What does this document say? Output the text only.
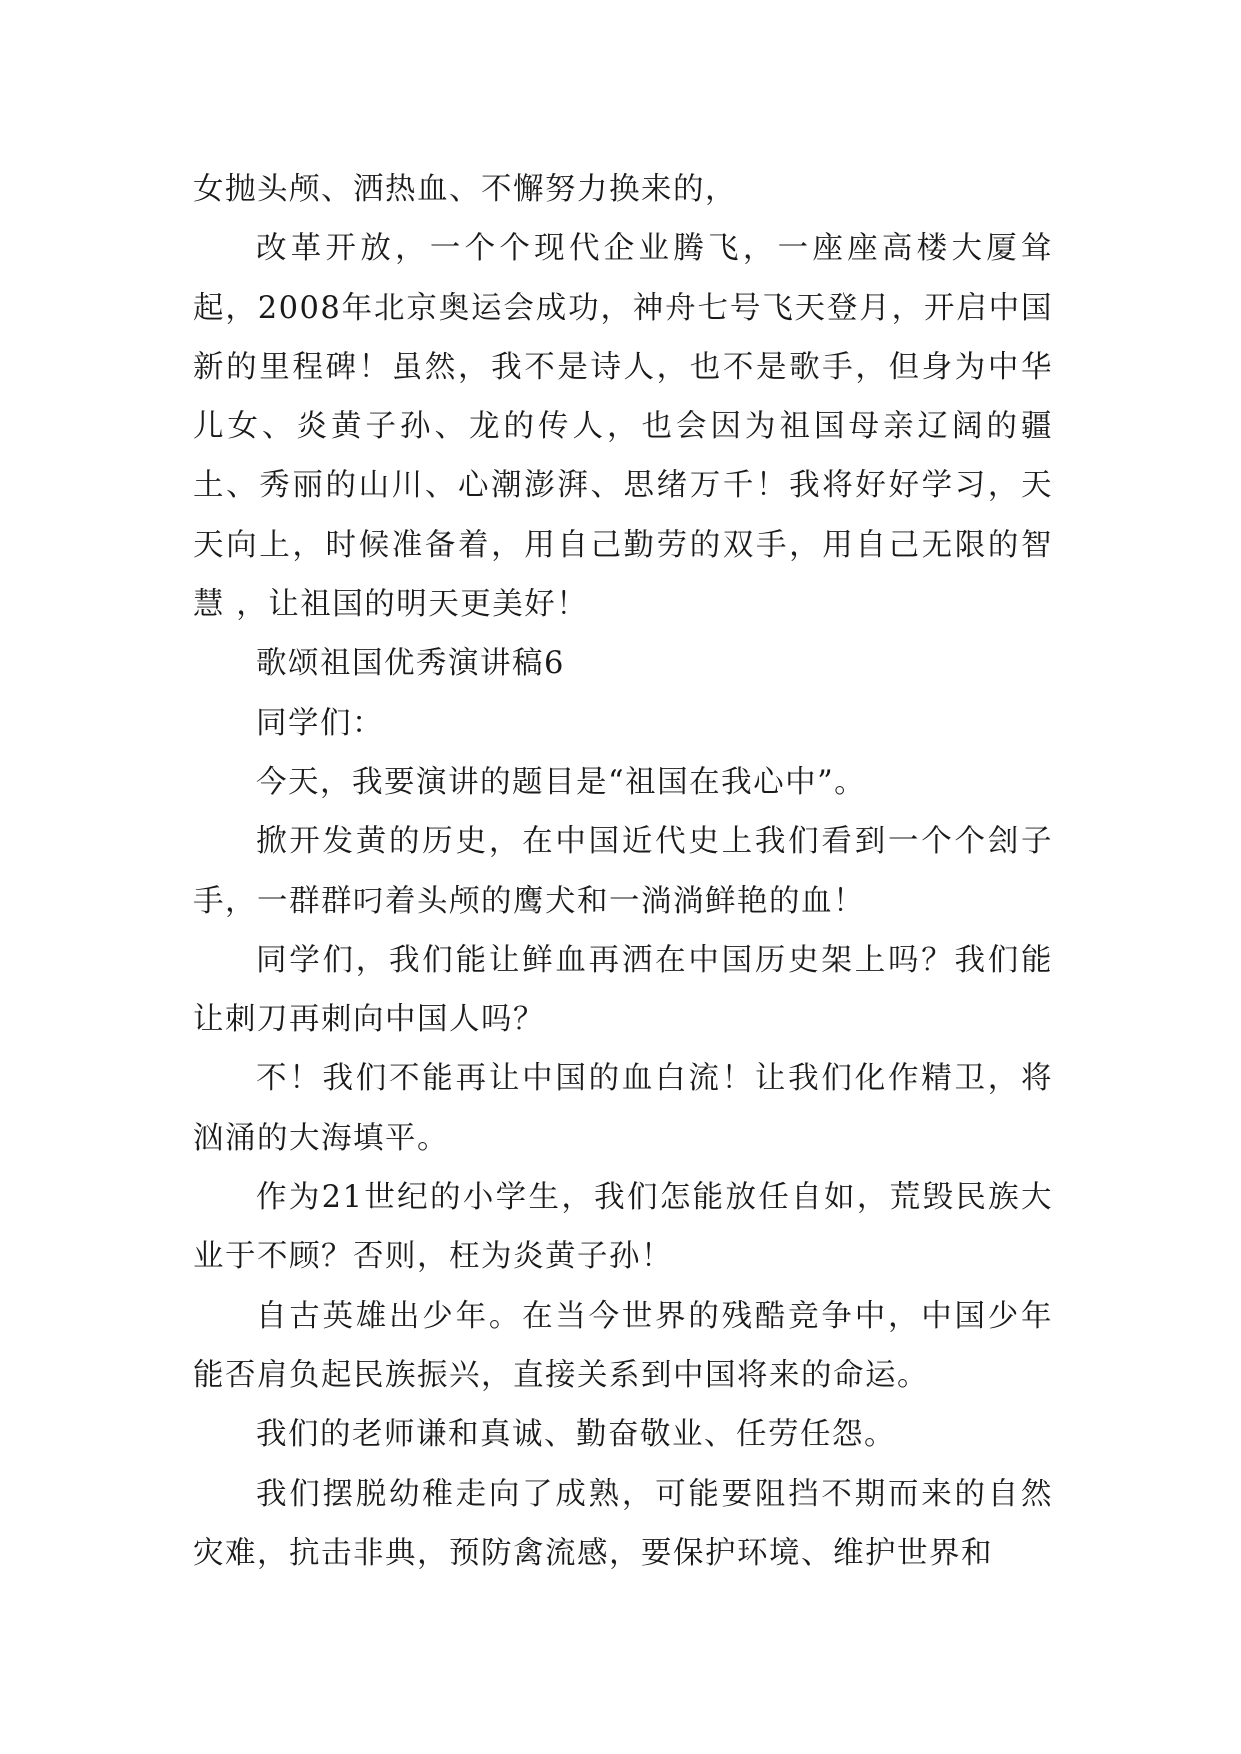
女抛头颅、洒热血、不懈努力换来的，

改革开放，一个个现代企业腾飞，一座座高楼大厦耸起，2008年北京奥运会成功，神舟七号飞天登月，开启中国新的里程碑！虽然，我不是诗人，也不是歌手，但身为中华儿女、炎黄子孙、龙的传人，也会因为祖国母亲辽阔的疆土、秀丽的山川、心潮澎湃、思绪万千！我将好好学习，天天向上，时候准备着，用自己勤劳的双手，用自己无限的智慧 ，让祖国的明天更美好！

歌颂祖国优秀演讲稿6

同学们：

今天，我要演讲的题目是“祖国在我心中”。

掀开发黄的历史，在中国近代史上我们看到一个个刽子手，一群群叼着头颅的鹰犬和一淌淌鲜艳的血！

同学们，我们能让鲜血再洒在中国历史架上吗？我们能让刺刀再刺向中国人吗？

不！我们不能再让中国的血白流！让我们化作精卫，将汹涌的大海填平。

作为21世纪的小学生，我们怎能放任自如，荒毁民族大业于不顾？否则，枉为炎黄子孙！

自古英雄出少年。在当今世界的残酷竞争中，中国少年能否肩负起民族振兴，直接关系到中国将来的命运。

我们的老师谦和真诚、勤奋敬业、任劳任怨。

我们摆脱幼稚走向了成熟，可能要阻挡不期而来的自然灾难，抗击非典，预防禽流感，要保护环境、维护世界和
